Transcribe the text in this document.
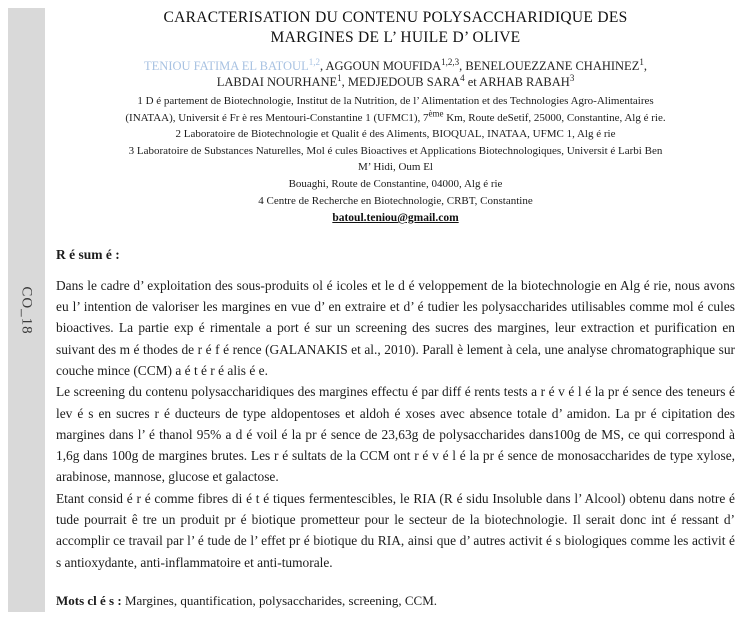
CO_18
CARACTERISATION DU CONTENU POLYSACCHARIDIQUE DES
MARGINES DE L’ HUILE D’ OLIVE
TENIOU FATIMA EL BATOUL$^{1,2}$, AGGOUN MOUFIDA$^{1,2,3}$, BENELOUEZZANE CHAHINEZ$^1$,
LABDAI NOURHANE$^1$, MEDJEDOUB SARA$^4$ et ARHAB RABAH$^3$
1 D é partement de Biotechnologie, Institut de la Nutrition, de l’ Alimentation et des Technologies Agro-Alimentaires
(INATAA), Universit é Fr è res Mentouri-Constantine 1 (UFMC1), 7ème Km, Route deSetif, 25000, Constantine, Alg é rie.
2 Laboratoire de Biotechnologie et Qualit é des Aliments, BIOQUAL, INATAA, UFMC 1, Alg é rie
3 Laboratoire de Substances Naturelles, Mol é cules Bioactives et Applications Biotechnologiques, Universit é Larbi Ben
M’ Hidi, Oum El
Bouaghi, Route de Constantine, 04000, Alg é rie
4 Centre de Recherche en Biotechnologie, CRBT, Constantine
batoul.teniou@gmail.com
R é sum é :

Dans le cadre d’ exploitation des sous-produits ol é icoles et le d é veloppement de la biotechnologie en Alg é rie, nous avons eu l’ intention de valoriser les margines en vue d’ en extraire et d’ é tudier les polysaccharides utilisables comme mol é cules bioactives. La partie exp é rimentale a port é sur un screening des sucres des margines, leur extraction et purification en suivant des m é thodes de r é f é rence (GALANAKIS et al., 2010). Parall è lement à cela, une analyse chromatographique sur couche mince (CCM) a é t é r é alis é e.

Le screening du contenu polysaccharidiques des margines effectu é par diff é rents tests a r é v é l é la pr é sence des teneurs é lev é s en sucres r é ducteurs de type aldopentoses et aldoh é xoses avec absence totale d’ amidon. La pr é cipitation des margines dans l’ é thanol 95% a d é voil é la pr é sence de 23,63g de polysaccharides dans100g de MS, ce qui correspond à 1,6g dans 100g de margines brutes. Les r é sultats de la CCM ont r é v é l é la pr é sence de monosaccharides de type xylose, arabinose, mannose, glucose et galactose.

Etant consid é r é comme fibres di é t é tiques fermentescibles, le RIA (R é sidu Insoluble dans l’ Alcool) obtenu dans notre é tude pourrait ê tre un produit pr é biotique prometteur pour le secteur de la biotechnologie. Il serait donc int é ressant d’ accomplir ce travail par l’ é tude de l’ effet pr é biotique du RIA, ainsi que d’ autres activit é s biologiques comme les activit é s antioxydante, anti-inflammatoire et anti-tumorale.

Mots cl é s : Margines, quantification, polysaccharides, screening, CCM.
